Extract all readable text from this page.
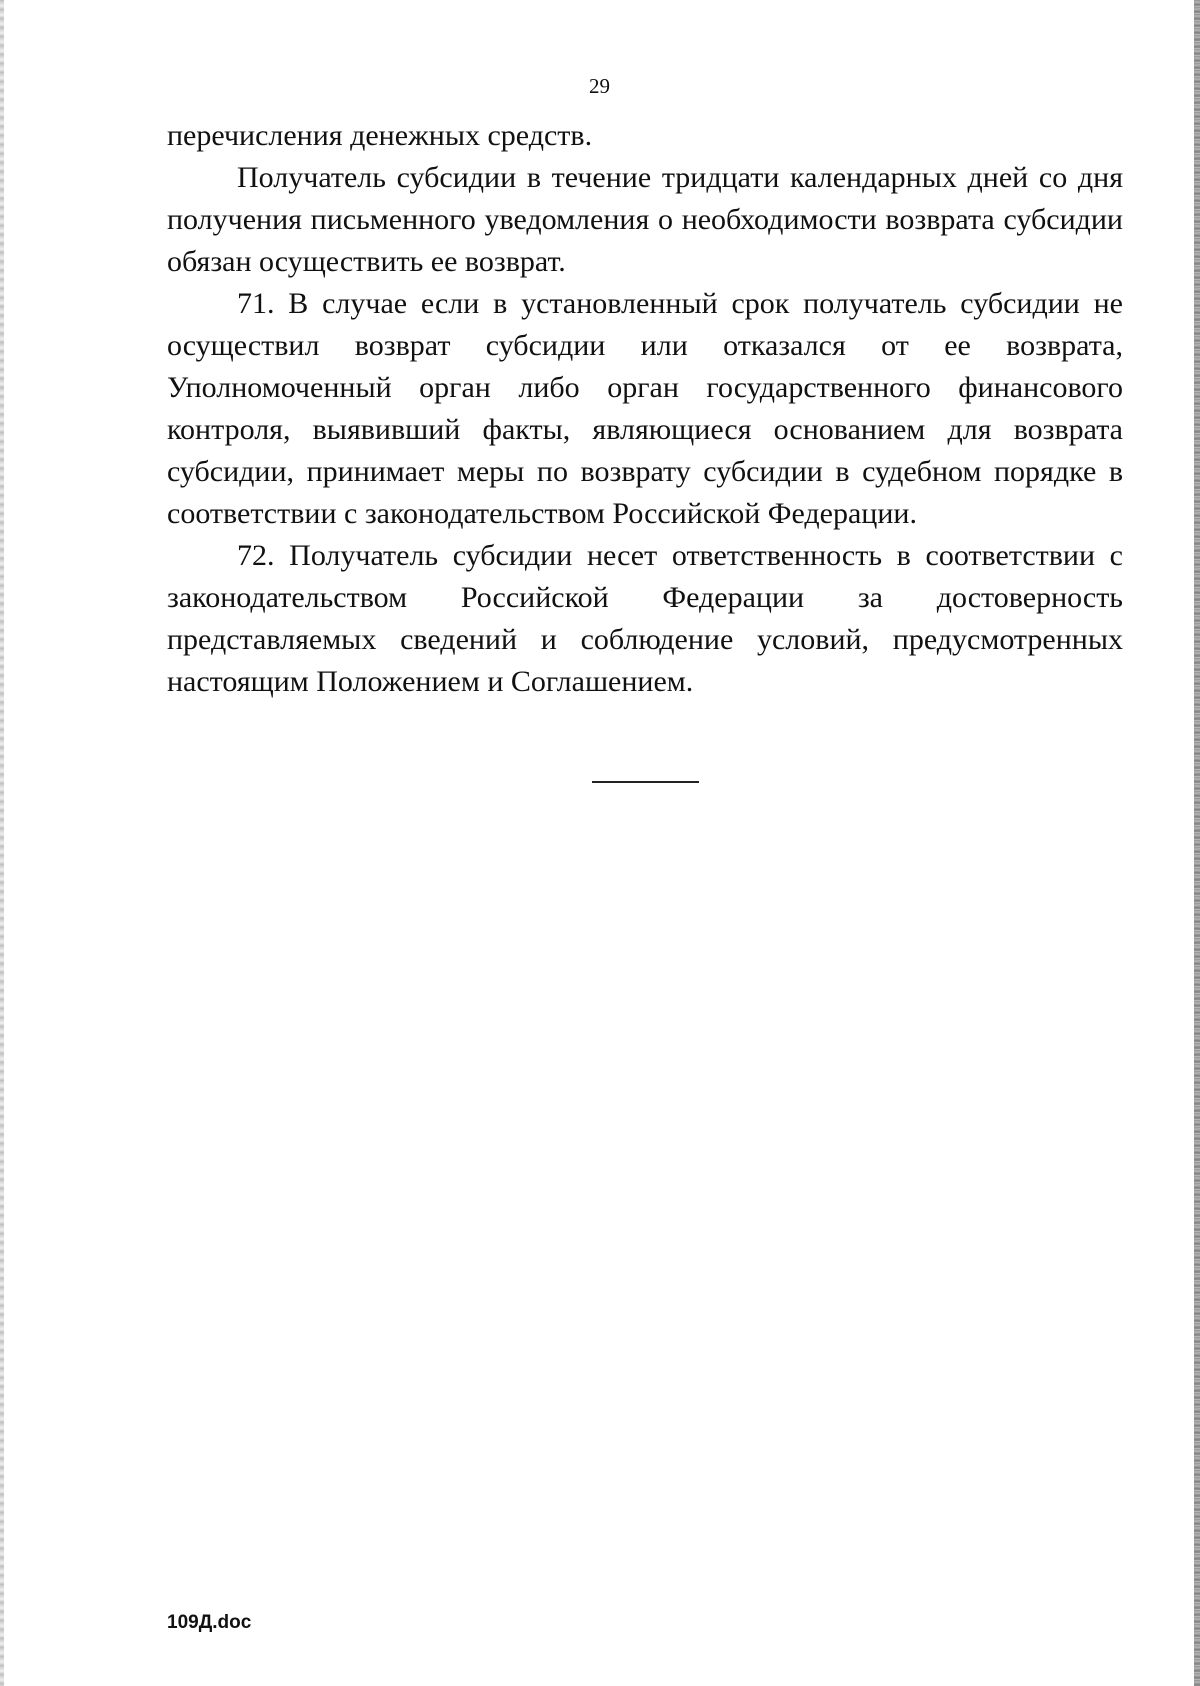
29

перечисления денежных средств.

Получатель субсидии в течение тридцати календарных дней со дня получения письменного уведомления о необходимости возврата субсидии обязан осуществить ее возврат.

71. В случае если в установленный срок получатель субсидии не осуществил возврат субсидии или отказался от ее возврата, Уполномоченный орган либо орган государственного финансового контроля, выявивший факты, являющиеся основанием для возврата субсидии, принимает меры по возврату субсидии в судебном порядке в соответствии с законодательством Российской Федерации.

72. Получатель субсидии несет ответственность в соответствии с законодательством Российской Федерации за достоверность представляемых сведений и соблюдение условий, предусмотренных настоящим Положением и Соглашением.

109Д.doc
